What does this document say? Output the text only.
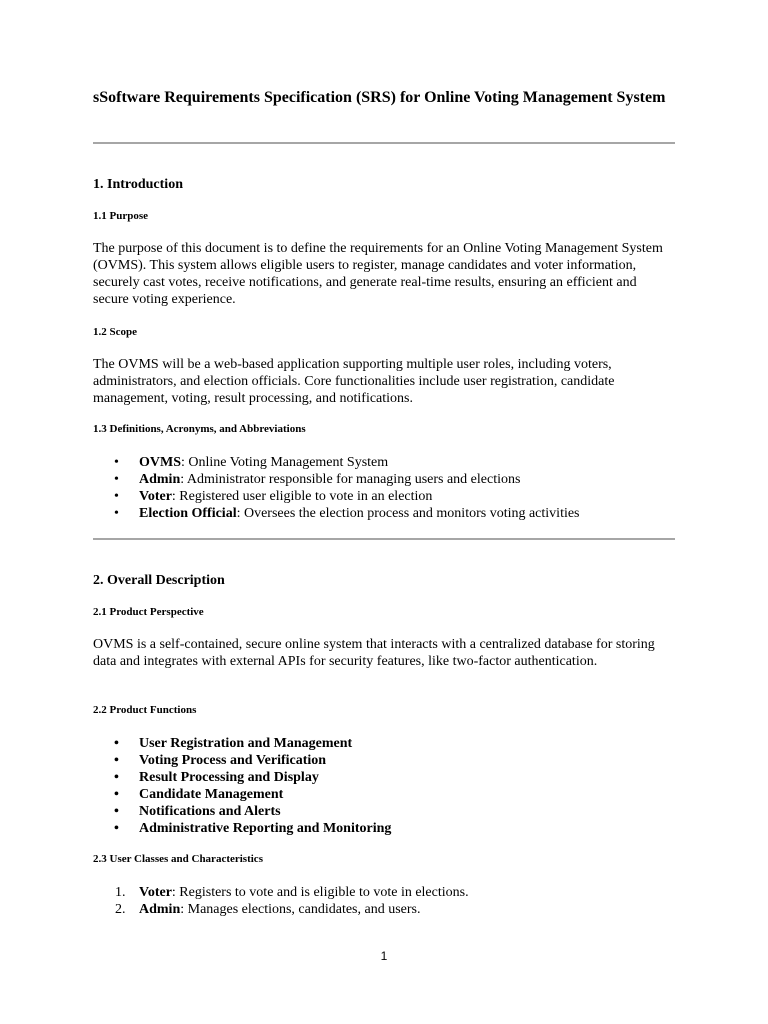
sSoftware Requirements Specification (SRS) for Online Voting Management System
1. Introduction
1.1 Purpose

The purpose of this document is to define the requirements for an Online Voting Management System (OVMS). This system allows eligible users to register, manage candidates and voter information, securely cast votes, receive notifications, and generate real-time results, ensuring an efficient and secure voting experience.

1.2 Scope

The OVMS will be a web-based application supporting multiple user roles, including voters, administrators, and election officials. Core functionalities include user registration, candidate management, voting, result processing, and notifications.

1.3 Definitions, Acronyms, and Abbreviations
• OVMS: Online Voting Management System
• Admin: Administrator responsible for managing users and elections
• Voter: Registered user eligible to vote in an election
• Election Official: Oversees the election process and monitors voting activities
2. Overall Description
2.1 Product Perspective

OVMS is a self-contained, secure online system that interacts with a centralized database for storing data and integrates with external APIs for security features, like two-factor authentication.

2.2 Product Functions
• User Registration and Management
• Voting Process and Verification
• Result Processing and Display
• Candidate Management
• Notifications and Alerts
• Administrative Reporting and Monitoring
2.3 User Classes and Characteristics
1. Voter: Registers to vote and is eligible to vote in elections.
2. Admin: Manages elections, candidates, and users.
1
